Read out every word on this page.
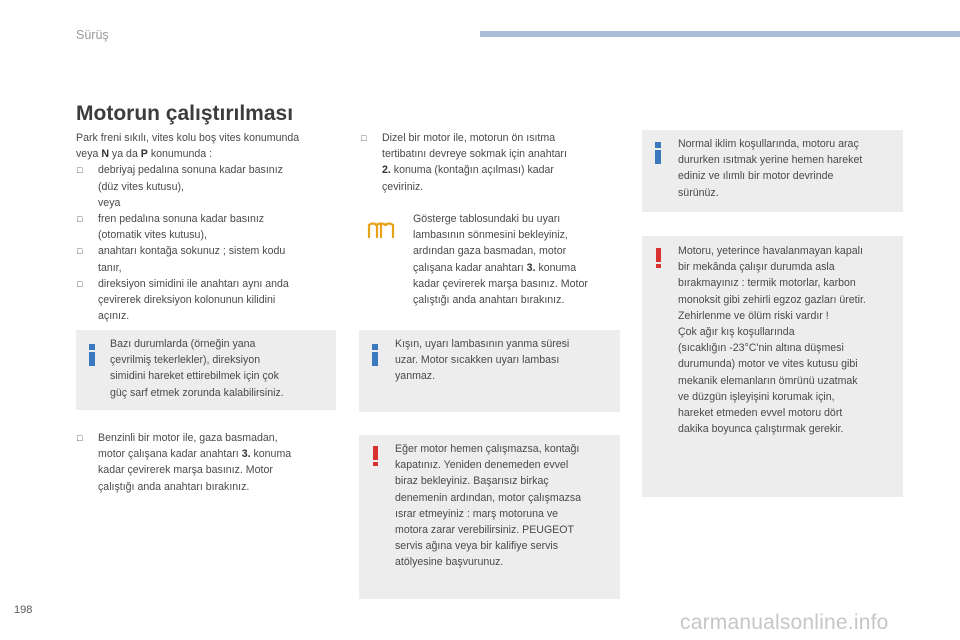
Sürüş
Motorun çalıştırılması
Park freni sıkılı, vites kolu boş vites konumunda
veya N ya da P konumunda :
□ debriyaj pedalına sonuna kadar basınız
(düz vites kutusu),
veya
□ fren pedalına sonuna kadar basınız
(otomatik vites kutusu),
□ anahtarı kontağa sokunuz ; sistem kodu
tanır,
□ direksiyon simidini ile anahtarı aynı anda
çevirerek direksiyon kolonunun kilidini
açınız.
Bazı durumlarda (örneğin yana
çevrilmiş tekerlekler), direksiyon
simidini hareket ettirebilmek için çok
güç sarf etmek zorunda kalabilirsiniz.
□ Benzinli bir motor ile, gaza basmadan,
motor çalışana kadar anahtarı 3. konuma
kadar çevirerek marşa basınız. Motor
çalıştığı anda anahtarı bırakınız.
□ Dizel bir motor ile, motorun ön ısıtma
tertibatını devreye sokmak için anahtarı
2. konuma (kontağın açılması) kadar
çeviriniz.
Gösterge tablosundaki bu uyarı
lambasının sönmesini bekleyiniz,
ardından gaza basmadan, motor
çalışana kadar anahtarı 3. konuma
kadar çevirerek marşa basınız. Motor
çalıştığı anda anahtarı bırakınız.
Kışın, uyarı lambasının yanma süresi
uzar. Motor sıcakken uyarı lambası
yanmaz.
Eğer motor hemen çalışmazsa, kontağı
kapatınız. Yeniden denemeden evvel
biraz bekleyiniz. Başarısız birkaç
denemenin ardından, motor çalışmazsa
ısrar etmeyiniz : marş motoruna ve
motora zarar verebilirsiniz. PEUGEOT
servis ağına veya bir kalifiye servis
atölyesine başvurunuz.
Normal iklim koşullarında, motoru araç
dururken ısıtmak yerine hemen hareket
ediniz ve ılımlı bir motor devrinde
sürünüz.
Motoru, yeterince havalanmayan kapalı
bir mekânda çalışır durumda asla
bırakmayınız : termik motorlar, karbon
monoksit gibi zehirli egzoz gazları üretir.
Zehirlenme ve ölüm riski vardır !
Çok ağır kış koşullarında
(sıcaklığın -23°C'nin altına düşmesi
durumunda) motor ve vites kutusu gibi
mekanik elemanların ömrünü uzatmak
ve düzgün işleyişini korumak için,
hareket etmeden evvel motoru dört
dakika boyunca çalıştırmak gerekir.
198
carmanualsonline.info
